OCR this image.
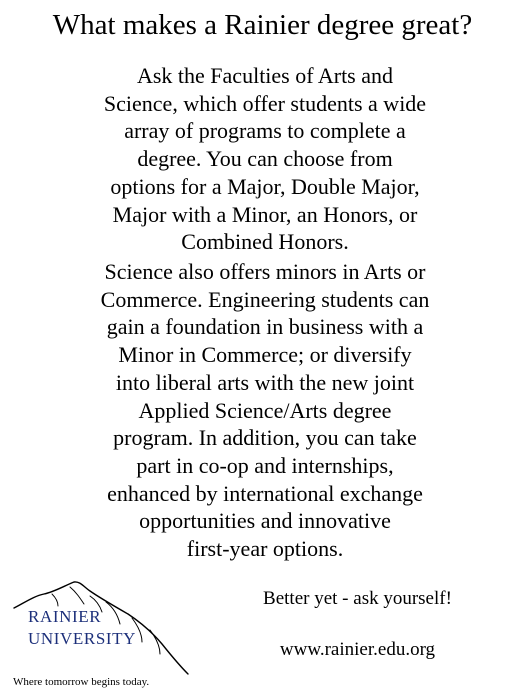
What makes a Rainier degree great?
Ask the Faculties of Arts and
Science, which offer students a wide
array of programs to complete a
degree. You can choose from
options for a Major, Double Major,
Major with a Minor, an Honors, or
Combined Honors.
Science also offers minors in Arts or
Commerce. Engineering students can
gain a foundation in business with a
Minor in Commerce; or diversify
into liberal arts with the new joint
Applied Science/Arts degree
program. In addition, you can take
part in co-op and internships,
enhanced by international exchange
opportunities and innovative
first-year options.
RAINIER
UNIVERSITY
Where tomorrow begins today.
Better yet - ask yourself!
www.rainier.edu.org
